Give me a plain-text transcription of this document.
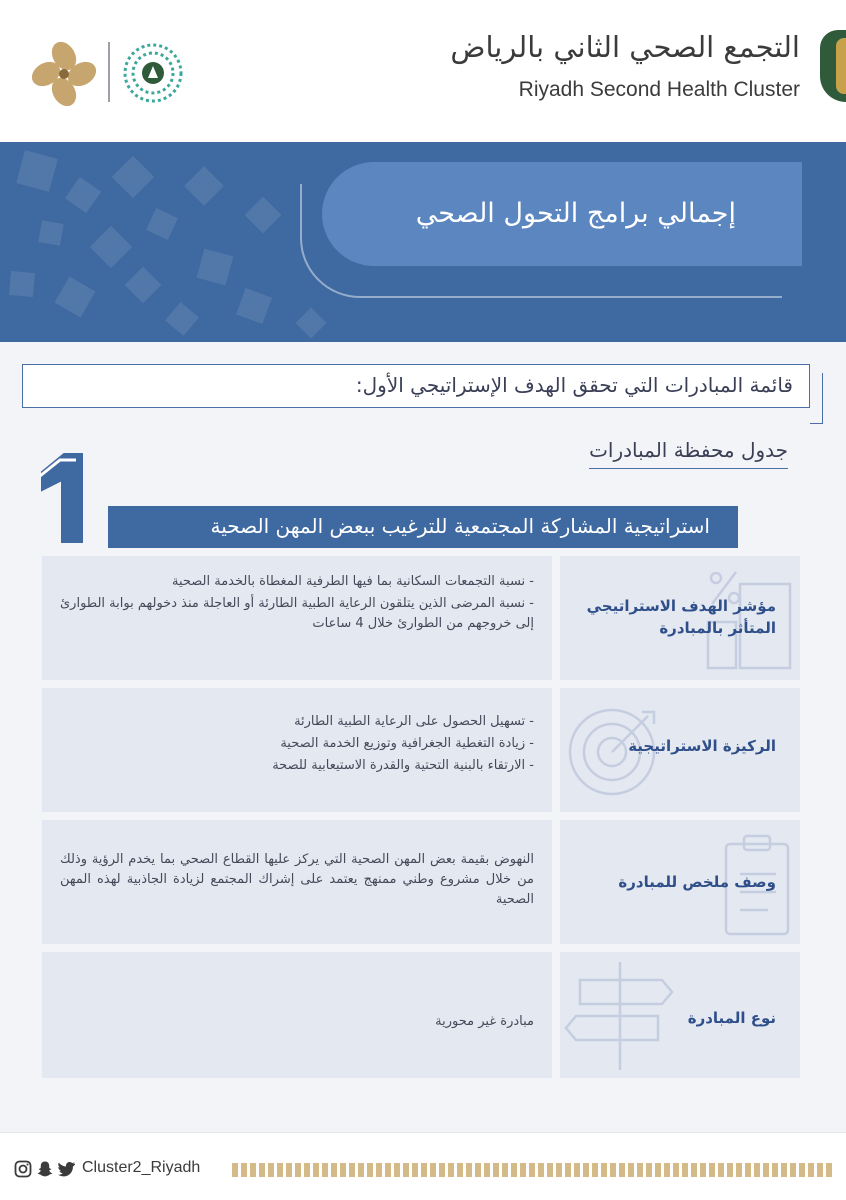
التجمع الصحي الثاني بالرياض
Riyadh Second Health Cluster
إجمالي برامج التحول الصحي
قائمة المبادرات التي تحقق الهدف الإستراتيجي الأول:
جدول محفظة المبادرات
1
استراتيجية المشاركة المجتمعية للترغيب ببعض المهن الصحية

- نسبة التجمعات السكانية بما فيها الطرفية المغطاة بالخدمة الصحية

- نسبة المرضى الذين يتلقون الرعاية الطبية الطارئة أو العاجلة منذ دخولهم بوابة الطوارئ إلى خروجهم من الطوارئ خلال 4 ساعات

مؤشر الهدف الاستراتيجي
المتأثر بالمبادرة

- تسهيل الحصول على الرعاية الطبية الطارئة

- زيادة التغطية الجغرافية وتوزيع الخدمة الصحية

- الارتقاء بالبنية التحتية والقدرة الاستيعابية للصحة

الركيزة الاستراتيجية

النهوض بقيمة بعض المهن الصحية التي يركز عليها القطاع الصحي بما يخدم الرؤية وذلك من خلال مشروع وطني ممنهج يعتمد على إشراك المجتمع لزيادة الجاذبية لهذه المهن الصحية

وصف ملخص للمبادرة

مبادرة غير محورية	نوع المبادرة
Cluster2_Riyadh
